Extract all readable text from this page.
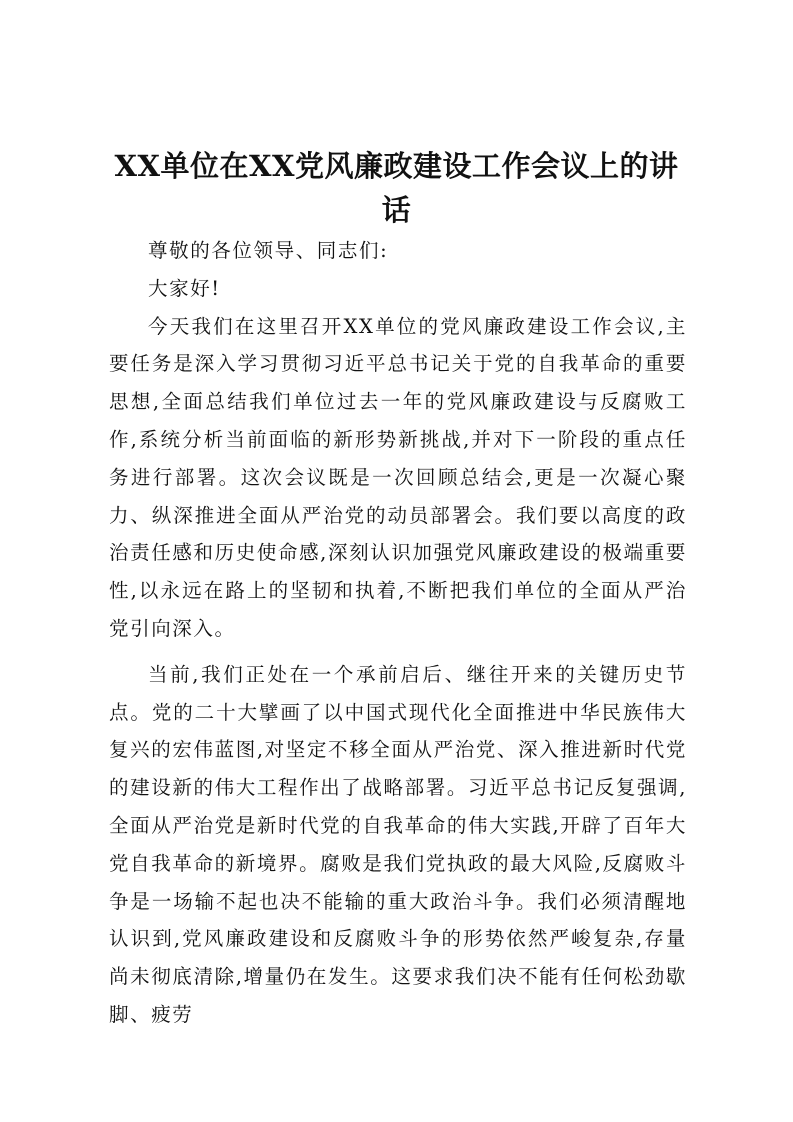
XX单位在XX党风廉政建设工作会议上的讲话

尊敬的各位领导、同志们:

大家好!

今天我们在这里召开XX单位的党风廉政建设工作会议,主要任务是深入学习贯彻习近平总书记关于党的自我革命的重要思想,全面总结我们单位过去一年的党风廉政建设与反腐败工作,系统分析当前面临的新形势新挑战,并对下一阶段的重点任务进行部署。这次会议既是一次回顾总结会,更是一次凝心聚力、纵深推进全面从严治党的动员部署会。我们要以高度的政治责任感和历史使命感,深刻认识加强党风廉政建设的极端重要性,以永远在路上的坚韧和执着,不断把我们单位的全面从严治党引向深入。

当前,我们正处在一个承前启后、继往开来的关键历史节点。党的二十大擘画了以中国式现代化全面推进中华民族伟大复兴的宏伟蓝图,对坚定不移全面从严治党、深入推进新时代党的建设新的伟大工程作出了战略部署。习近平总书记反复强调,全面从严治党是新时代党的自我革命的伟大实践,开辟了百年大党自我革命的新境界。腐败是我们党执政的最大风险,反腐败斗争是一场输不起也决不能输的重大政治斗争。我们必须清醒地认识到,党风廉政建设和反腐败斗争的形势依然严峻复杂,存量尚未彻底清除,增量仍在发生。这要求我们决不能有任何松劲歇脚、疲劳
